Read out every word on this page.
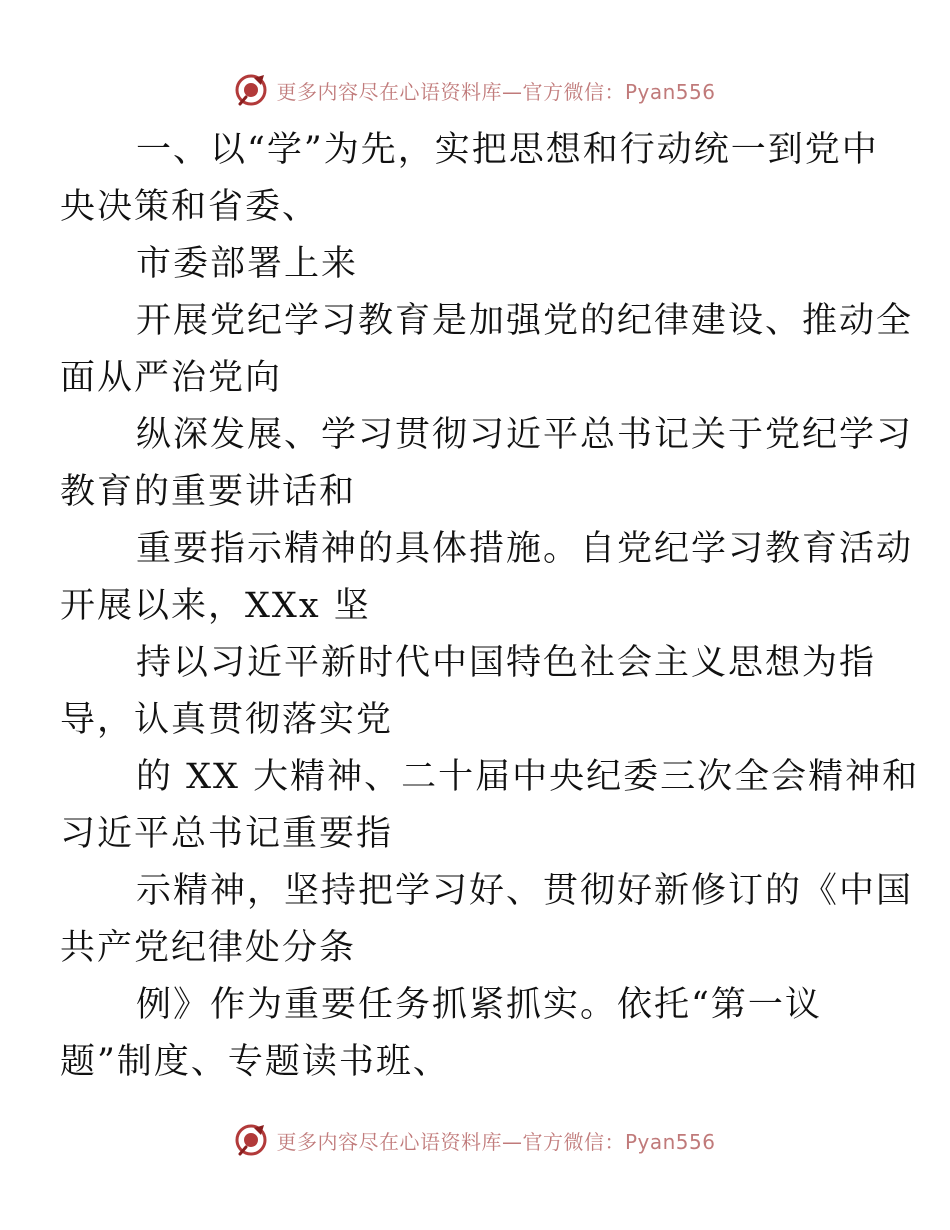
更多内容尽在心语资料库—官方微信：Pyan556

一、以“学”为先，实把思想和行动统一到党中
央决策和省委、

市委部署上来

开展党纪学习教育是加强党的纪律建设、推动全
面从严治党向

纵深发展、学习贯彻习近平总书记关于党纪学习
教育的重要讲话和

重要指示精神的具体措施。自党纪学习教育活动
开展以来，XXx 坚

持以习近平新时代中国特色社会主义思想为指
导，认真贯彻落实党

的 XX 大精神、二十届中央纪委三次全会精神和
习近平总书记重要指

示精神，坚持把学习好、贯彻好新修订的《中国
共产党纪律处分条

例》作为重要任务抓紧抓实。依托“第一议
题”制度、专题读书班、

更多内容尽在心语资料库—官方微信：Pyan556
